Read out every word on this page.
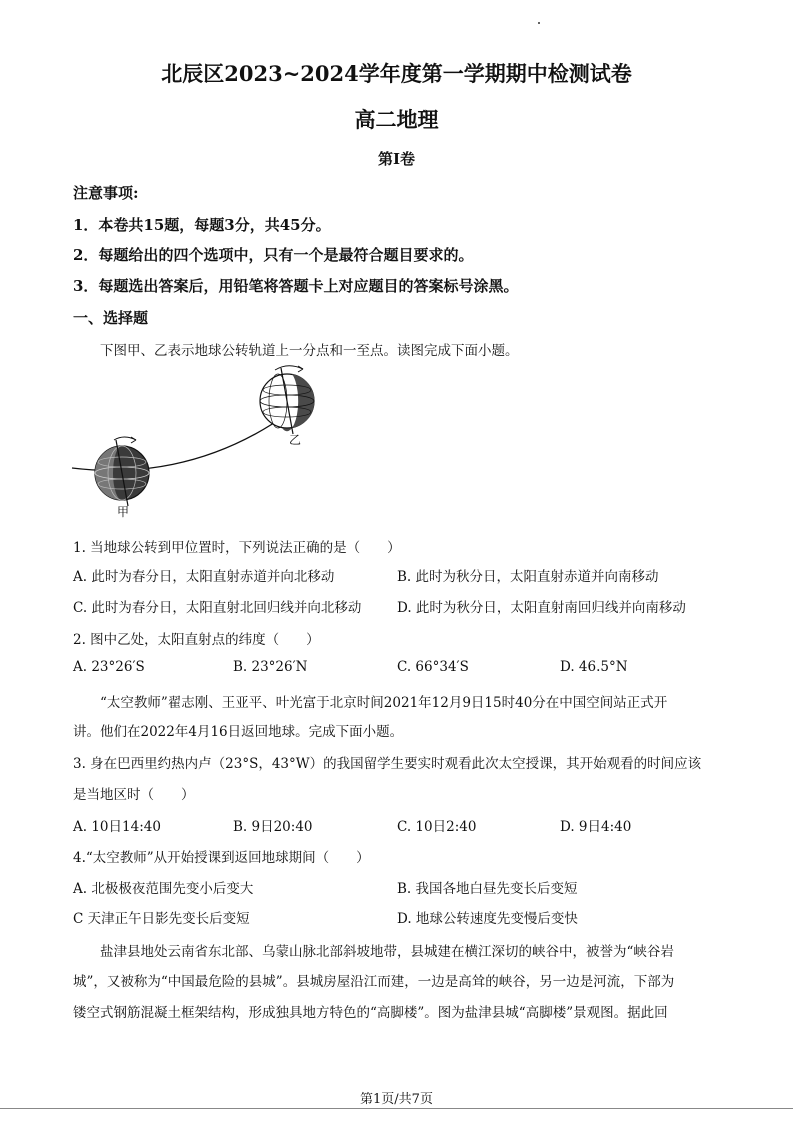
北辰区2023~2024学年度第一学期期中检测试卷
高二地理
第I卷
注意事项:
1．本卷共15题，每题3分，共45分。
2．每题给出的四个选项中，只有一个是最符合题目要求的。
3．每题选出答案后，用铅笔将答题卡上对应题目的答案标号涂黑。
一、选择题
下图甲、乙表示地球公转轨道上一分点和一至点。读图完成下面小题。
乙
甲
1. 当地球公转到甲位置时，下列说法正确的是（　　）
A. 此时为春分日，太阳直射赤道并向北移动	B. 此时为秋分日，太阳直射赤道并向南移动
C. 此时为春分日，太阳直射北回归线并向北移动	D. 此时为秋分日，太阳直射南回归线并向南移动
2. 图中乙处，太阳直射点的纬度（　　）
A. 23°26′S	B. 23°26′N	C. 66°34′S	D. 46.5°N
“太空教师”翟志刚、王亚平、叶光富于北京时间2021年12月9日15时40分在中国空间站正式开
讲。他们在2022年4月16日返回地球。完成下面小题。
3. 身在巴西里约热内卢（23°S，43°W）的我国留学生要实时观看此次太空授课，其开始观看的时间应该
是当地区时（　　）
A. 10日14:40	B. 9日20:40	C. 10日2:40	D. 9日4:40
4.“太空教师”从开始授课到返回地球期间（　　）
A. 北极极夜范围先变小后变大	B. 我国各地白昼先变长后变短
C 天津正午日影先变长后变短	D. 地球公转速度先变慢后变快
盐津县地处云南省东北部、乌蒙山脉北部斜坡地带，县城建在横江深切的峡谷中，被誉为“峡谷岩
城”，又被称为“中国最危险的县城”。县城房屋沿江而建，一边是高耸的峡谷，另一边是河流，下部为
镂空式钢筋混凝土框架结构，形成独具地方特色的“高脚楼”。图为盐津县城“高脚楼”景观图。据此回
第1页/共7页
